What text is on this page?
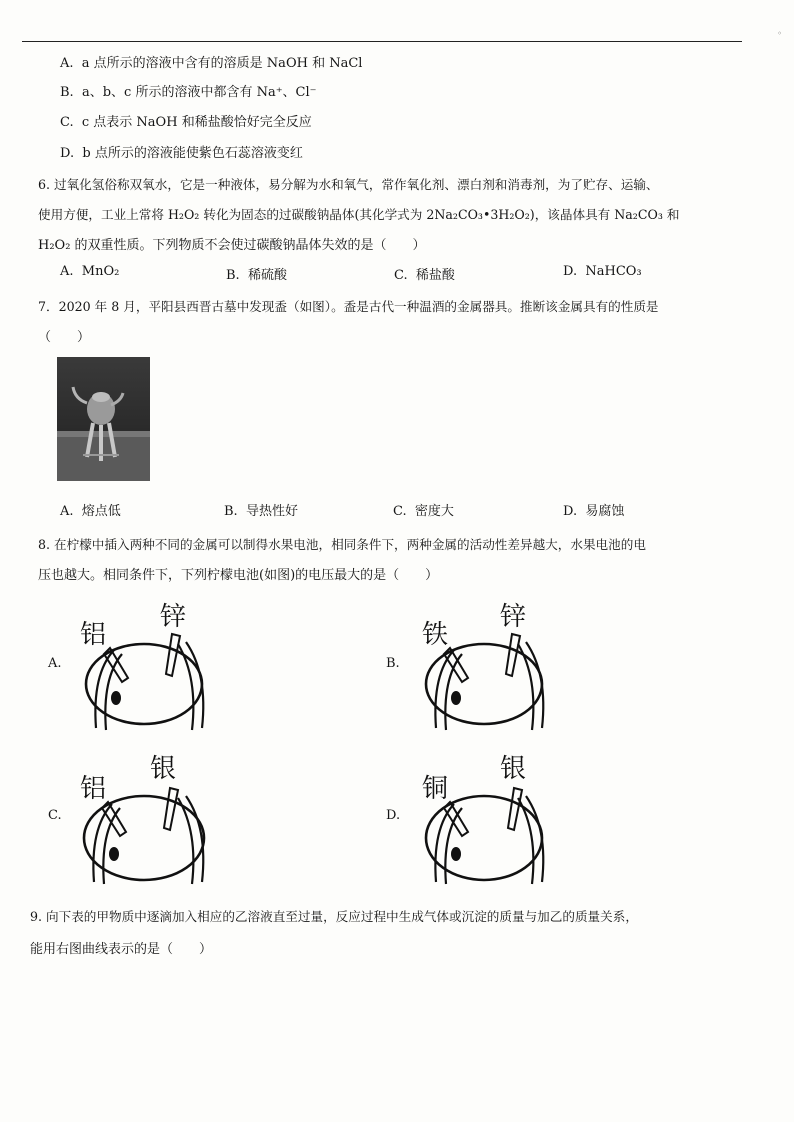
◦
A. a 点所示的溶液中含有的溶质是 NaOH 和 NaCl
B. a、b、c 所示的溶液中都含有 Na⁺、Cl⁻
C. c 点表示 NaOH 和稀盐酸恰好完全反应
D. b 点所示的溶液能使紫色石蕊溶液变红
6. 过氧化氢俗称双氧水，它是一种液体，易分解为水和氧气，常作氧化剂、漂白剂和消毒剂，为了贮存、运输、
使用方便，工业上常将 H₂O₂ 转化为固态的过碳酸钠晶体(其化学式为 2Na₂CO₃•3H₂O₂)，该晶体具有 Na₂CO₃ 和
H₂O₂ 的双重性质。下列物质不会使过碳酸钠晶体失效的是（　　）
A. MnO₂	B. 稀硫酸	C. 稀盐酸	D. NaHCO₃
7．2020 年 8 月，平阳县西晋古墓中发现盉（如图）。盉是古代一种温酒的金属器具。推断该金属具有的性质是
（　　）
A. 熔点低	B. 导热性好	C. 密度大	D. 易腐蚀
8. 在柠檬中插入两种不同的金属可以制得水果电池，相同条件下，两种金属的活动性差异越大，水果电池的电
压也越大。相同条件下，下列柠檬电池(如图)的电压最大的是（　　）
A.
铝
锌
B.
铁
锌
C.
铝
银
D.
铜
银
9. 向下表的甲物质中逐滴加入相应的乙溶液直至过量，反应过程中生成气体或沉淀的质量与加乙的质量关系，
能用右图曲线表示的是（　　）
